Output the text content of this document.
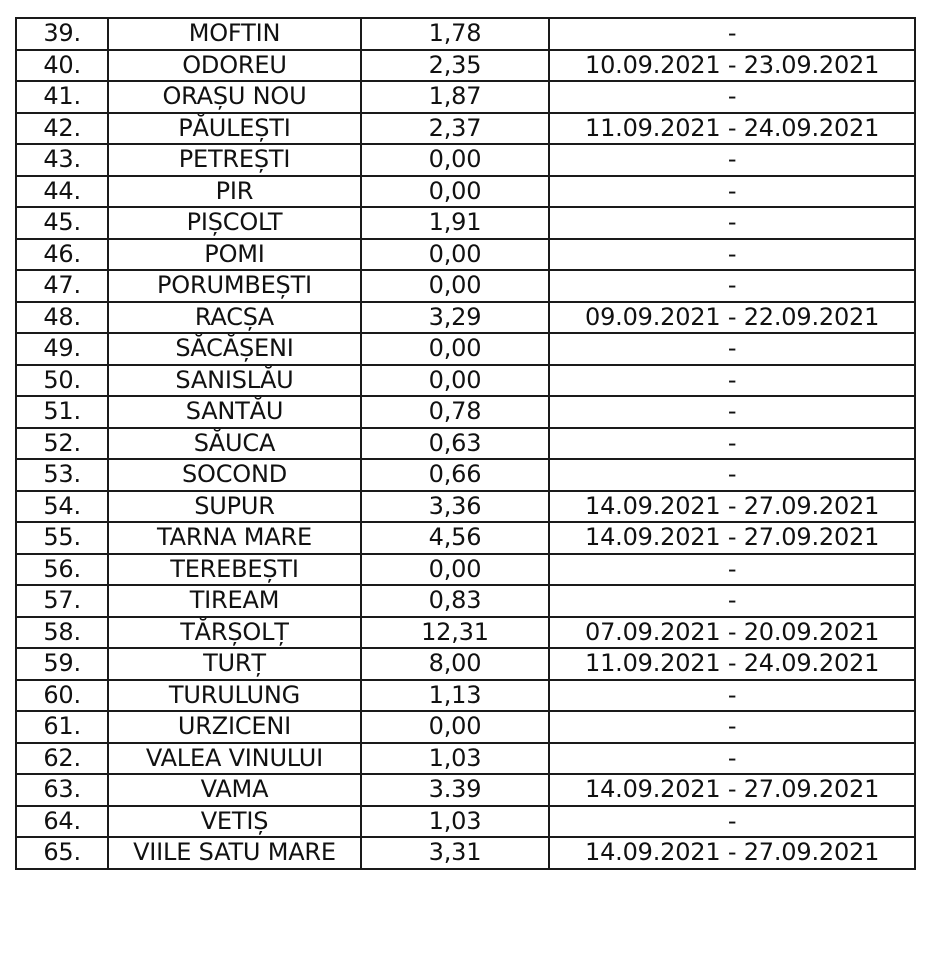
39.	MOFTIN	1,78	-
40.	ODOREU	2,35	10.09.2021 - 23.09.2021
41.	ORAȘU NOU	1,87	-
42.	PĂULEȘTI	2,37	11.09.2021 - 24.09.2021
43.	PETREȘTI	0,00	-
44.	PIR	0,00	-
45.	PIȘCOLT	1,91	-
46.	POMI	0,00	-
47.	PORUMBEȘTI	0,00	-
48.	RACȘA	3,29	09.09.2021 - 22.09.2021
49.	SĂCĂȘENI	0,00	-
50.	SANISLĂU	0,00	-
51.	SANTĂU	0,78	-
52.	SĂUCA	0,63	-
53.	SOCOND	0,66	-
54.	SUPUR	3,36	14.09.2021 - 27.09.2021
55.	TARNA MARE	4,56	14.09.2021 - 27.09.2021
56.	TEREBEȘTI	0,00	-
57.	TIREAM	0,83	-
58.	TĂRȘOLȚ	12,31	07.09.2021 - 20.09.2021
59.	TURȚ	8,00	11.09.2021 - 24.09.2021
60.	TURULUNG	1,13	-
61.	URZICENI	0,00	-
62.	VALEA VINULUI	1,03	-
63.	VAMA	3.39	14.09.2021 - 27.09.2021
64.	VETIȘ	1,03	-
65.	VIILE SATU MARE	3,31	14.09.2021 - 27.09.2021
